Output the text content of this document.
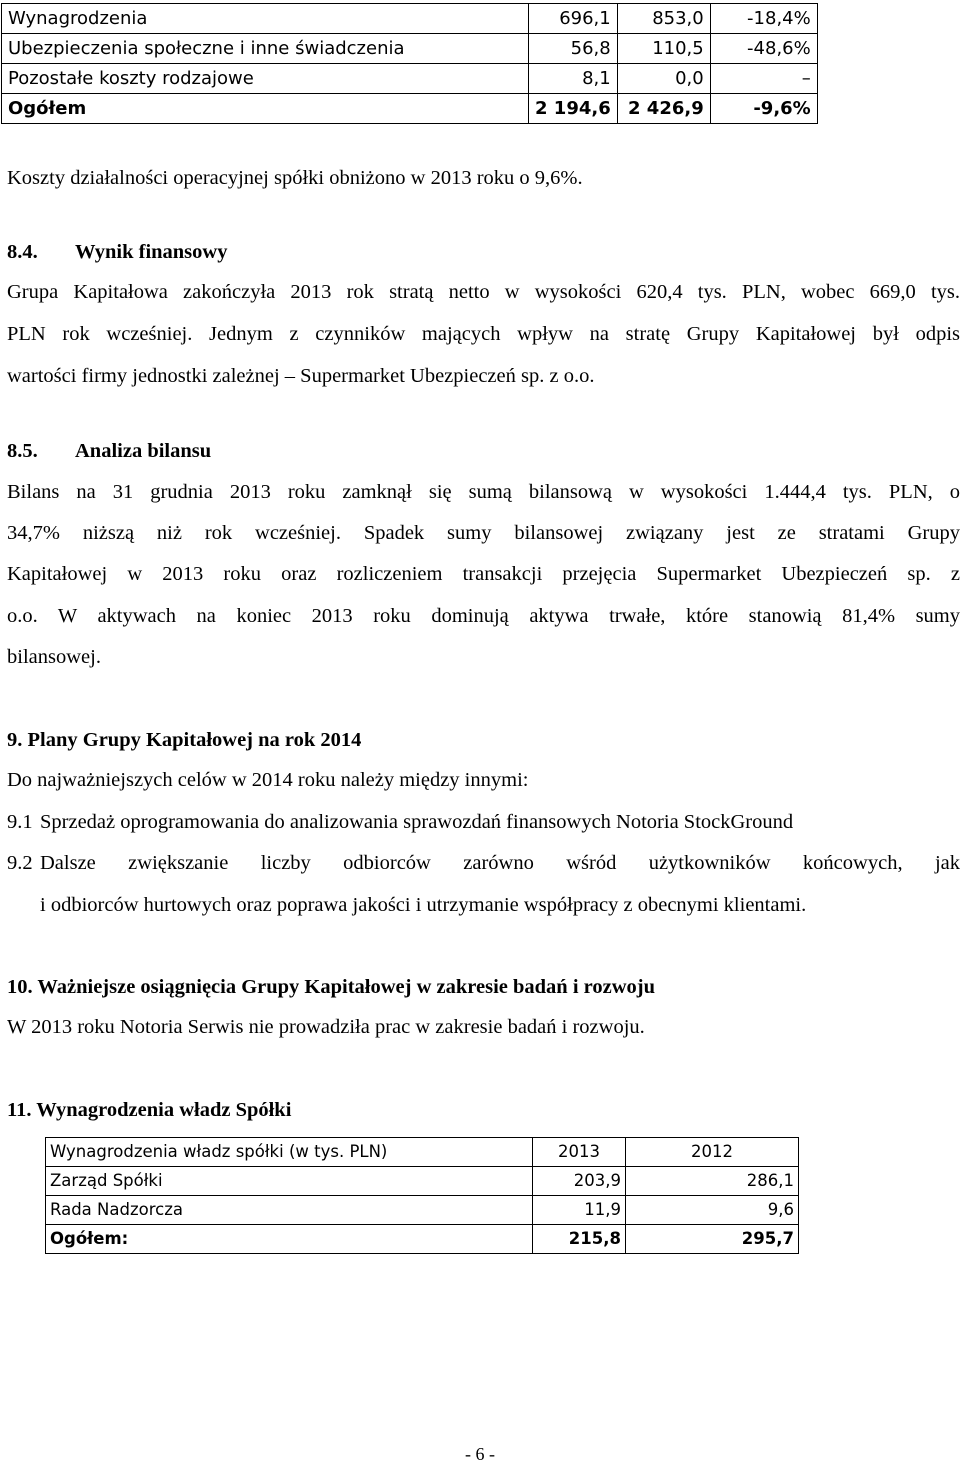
Wynagrodzenia	696,1	853,0	-18,4%
Ubezpieczenia społeczne i inne świadczenia	56,8	110,5	-48,6%
Pozostałe koszty rodzajowe	8,1	0,0	–
Ogółem	2 194,6	2 426,9	-9,6%
Koszty działalności operacyjnej spółki obniżono w 2013 roku o 9,6%.
8.4. Wynik finansowy
Grupa Kapitałowa zakończyła 2013 rok stratą netto w wysokości 620,4 tys. PLN, wobec 669,0 tys.
PLN rok wcześniej. Jednym z czynników mających wpływ na stratę Grupy Kapitałowej był odpis
wartości firmy jednostki zależnej – Supermarket Ubezpieczeń sp. z o.o.
8.5. Analiza bilansu
Bilans na 31 grudnia 2013 roku zamknął się sumą bilansową w wysokości 1.444,4 tys. PLN, o
34,7% niższą niż rok wcześniej. Spadek sumy bilansowej związany jest ze stratami Grupy
Kapitałowej w 2013 roku oraz rozliczeniem transakcji przejęcia Supermarket Ubezpieczeń sp. z
o.o. W aktywach na koniec 2013 roku dominują aktywa trwałe, które stanowią 81,4% sumy
bilansowej.
9. Plany Grupy Kapitałowej na rok 2014
Do najważniejszych celów w 2014 roku należy między innymi:
9.1 Sprzedaż oprogramowania do analizowania sprawozdań finansowych Notoria StockGround
9.2 Dalsze zwiększanie liczby odbiorców zarówno wśród użytkowników końcowych, jak
i odbiorców hurtowych oraz poprawa jakości i utrzymanie współpracy z obecnymi klientami.
10. Ważniejsze osiągnięcia Grupy Kapitałowej w zakresie badań i rozwoju
W 2013 roku Notoria Serwis nie prowadziła prac w zakresie badań i rozwoju.
11. Wynagrodzenia władz Spółki
Wynagrodzenia władz spółki (w tys. PLN)	2013	2012
Zarząd Spółki	203,9	286,1
Rada Nadzorcza	11,9	9,6
Ogółem:	215,8	295,7
- 6 -
